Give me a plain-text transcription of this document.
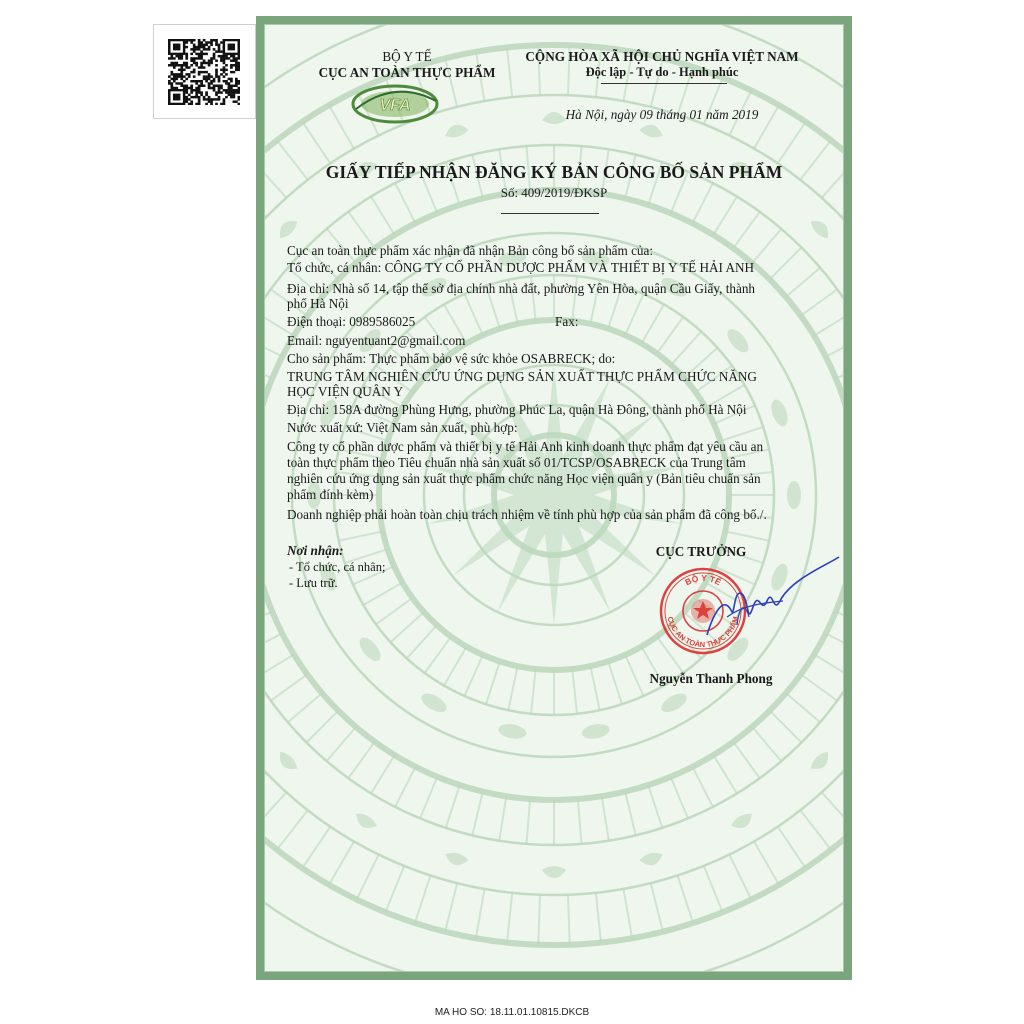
BỘ Y TẾ
CỤC AN TOÀN THỰC PHẨM
VFA
CỘNG HÒA XÃ HỘI CHỦ NGHĨA VIỆT NAM
Độc lập - Tự do - Hạnh phúc
Hà Nội, ngày 09 tháng 01 năm 2019
GIẤY TIẾP NHẬN ĐĂNG KÝ BẢN CÔNG BỐ SẢN PHẨM
Số: 409/2019/ĐKSP
Cục an toàn thực phẩm xác nhận đã nhận Bản công bố sản phẩm của:
Tổ chức, cá nhân: CÔNG TY CỔ PHẦN DƯỢC PHẨM VÀ THIẾT BỊ Y TẾ HẢI ANH
Địa chỉ: Nhà số 14, tập thể sở địa chính nhà đất, phường Yên Hòa, quận Cầu Giấy, thành
phố Hà Nội
Điện thoại: 0989586025	Fax:
Email: nguyentuant2@gmail.com
Cho sản phẩm: Thực phẩm bảo vệ sức khỏe OSABRECK; do:
TRUNG TÂM NGHIÊN CỨU ỨNG DỤNG SẢN XUẤT THỰC PHẨM CHỨC NĂNG
HỌC VIỆN QUÂN Y
Địa chỉ: 158A đường Phùng Hưng, phường Phúc La, quận Hà Đông, thành phố Hà Nội
Nước xuất xứ: Việt Nam sản xuất, phù hợp:
Công ty cổ phần dược phẩm và thiết bị y tế Hải Anh kinh doanh thực phẩm đạt yêu cầu an
toàn thực phẩm theo Tiêu chuẩn nhà sản xuất số 01/TCSP/OSABRECK của Trung tâm
nghiên cứu ứng dụng sản xuất thực phẩm chức năng Học viện quân y (Bản tiêu chuẩn sản
phẩm đính kèm)
Doanh nghiệp phải hoàn toàn chịu trách nhiệm về tính phù hợp của sản phẩm đã công bố./.
Nơi nhận:
- Tổ chức, cá nhân;
- Lưu trữ.
CỤC TRƯỞNG
BỘ Y TẾ
CỤC AN TOÀN THỰC PHẨM
Nguyễn Thanh Phong
MA HO SO: 18.11.01.10815.DKCB
